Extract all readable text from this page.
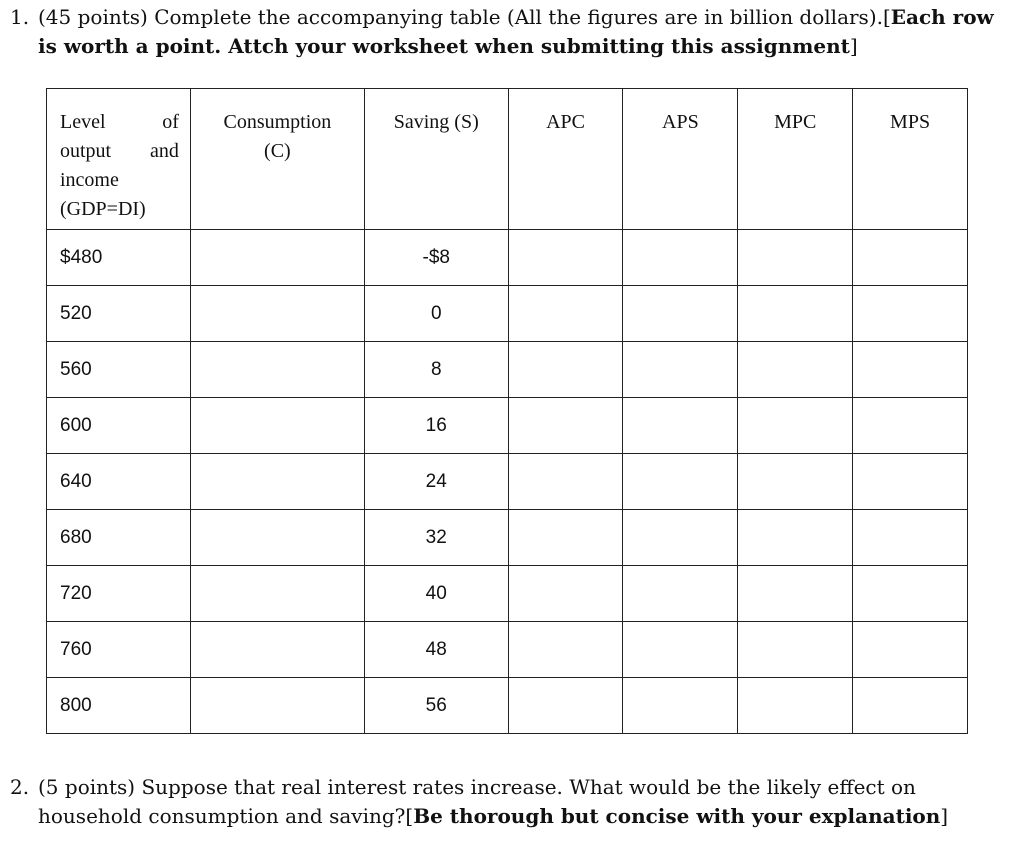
1. (45 points) Complete the accompanying table (All the figures are in billion dollars).[Each row is worth a point. Attch your worksheet when submitting this assignment]
Level of output and income (GDP=DI)	Consumption (C)	Saving (S)	APC	APS	MPC	MPS
$480		-$8				
520		0				
560		8				
600		16				
640		24				
680		32				
720		40				
760		48				
800		56				
2. (5 points) Suppose that real interest rates increase. What would be the likely effect on household consumption and saving?[Be thorough but concise with your explanation]
